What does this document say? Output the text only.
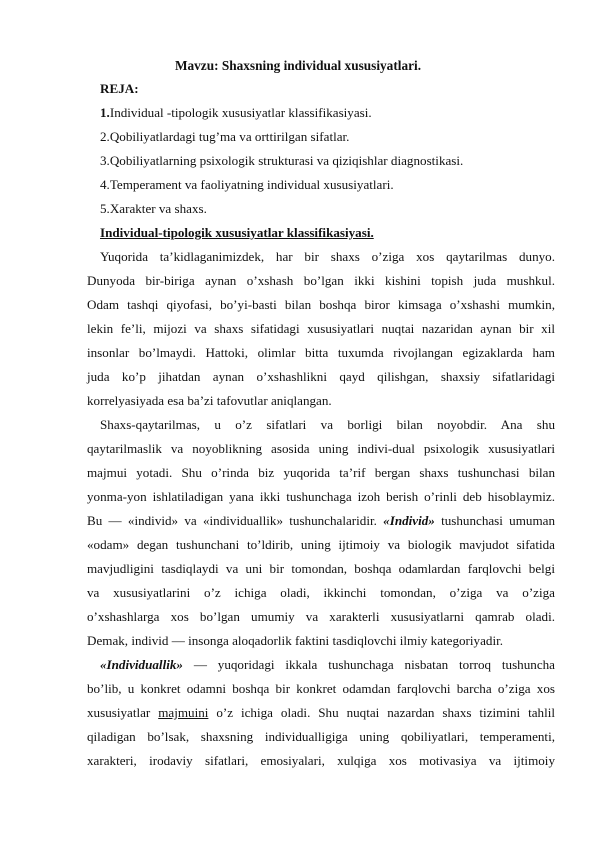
Mavzu: Shaxsning individual xususiyatlari.
REJA:
1.Individual -tipologik xususiyatlar klassifikasiyasi.
2.Qobiliyatlardagi tug’ma va orttirilgan sifatlar.
3.Qobiliyatlarning psixologik strukturasi va qiziqishlar diagnostikasi.
4.Temperament va faoliyatning individual xususiyatlari.
5.Xarakter va shaxs.
Individual-tipologik xususiyatlar klassifikasiyasi.
Yuqorida ta’kidlaganimizdek, har bir shaxs o’ziga xos qaytarilmas dunyo.
Dunyoda bir-biriga aynan o’xshash bo’lgan ikki kishini topish juda mushkul.
Odam tashqi qiyofasi, bo’yi-basti bilan boshqa biror kimsaga o’xshashi mumkin,
lekin fe’li, mijozi va shaxs sifatidagi xususiyatlari nuqtai nazaridan aynan bir xil
insonlar bo’lmaydi. Hattoki, olimlar bitta tuxumda rivojlangan egizaklarda ham
juda ko’p jihatdan aynan o’xshashlikni qayd qilishgan, shaxsiy sifatlaridagi
korrelyasiyada esa ba’zi tafovutlar aniqlangan.
Shaxs-qaytarilmas, u o’z sifatlari va borligi bilan noyobdir. Ana shu
qaytarilmaslik va noyoblikning asosida uning indivi-dual psixologik xususiyatlari
majmui yotadi. Shu o’rinda biz yuqorida ta’rif bergan shaxs tushunchasi bilan
yonma-yon ishlatiladigan yana ikki tushunchaga izoh berish o’rinli deb hisoblaymiz.
Bu — «individ» va «individuallik» tushunchalaridir. «Individ» tushunchasi umuman
«odam» degan tushunchani to’ldirib, uning ijtimoiy va biologik mavjudot sifatida
mavjudligini tasdiqlaydi va uni bir tomondan, boshqa odamlardan farqlovchi belgi
va xususiyatlarini o’z ichiga oladi, ikkinchi tomondan, o’ziga va o’ziga
o’xshashlarga xos bo’lgan umumiy va xarakterli xususiyatlarni qamrab oladi.
Demak, individ — insonga aloqadorlik faktini tasdiqlovchi ilmiy kategoriyadir.
«Individuallik» — yuqoridagi ikkala tushunchaga nisbatan torroq tushuncha
bo’lib, u konkret odamni boshqa bir konkret odamdan farqlovchi barcha o’ziga xos
xususiyatlar majmuini o’z ichiga oladi. Shu nuqtai nazardan shaxs tizimini tahlil
qiladigan bo’lsak, shaxsning individualligiga uning qobiliyatlari, temperamenti,
xarakteri, irodaviy sifatlari, emosiyalari, xulqiga xos motivasiya va ijtimoiy
